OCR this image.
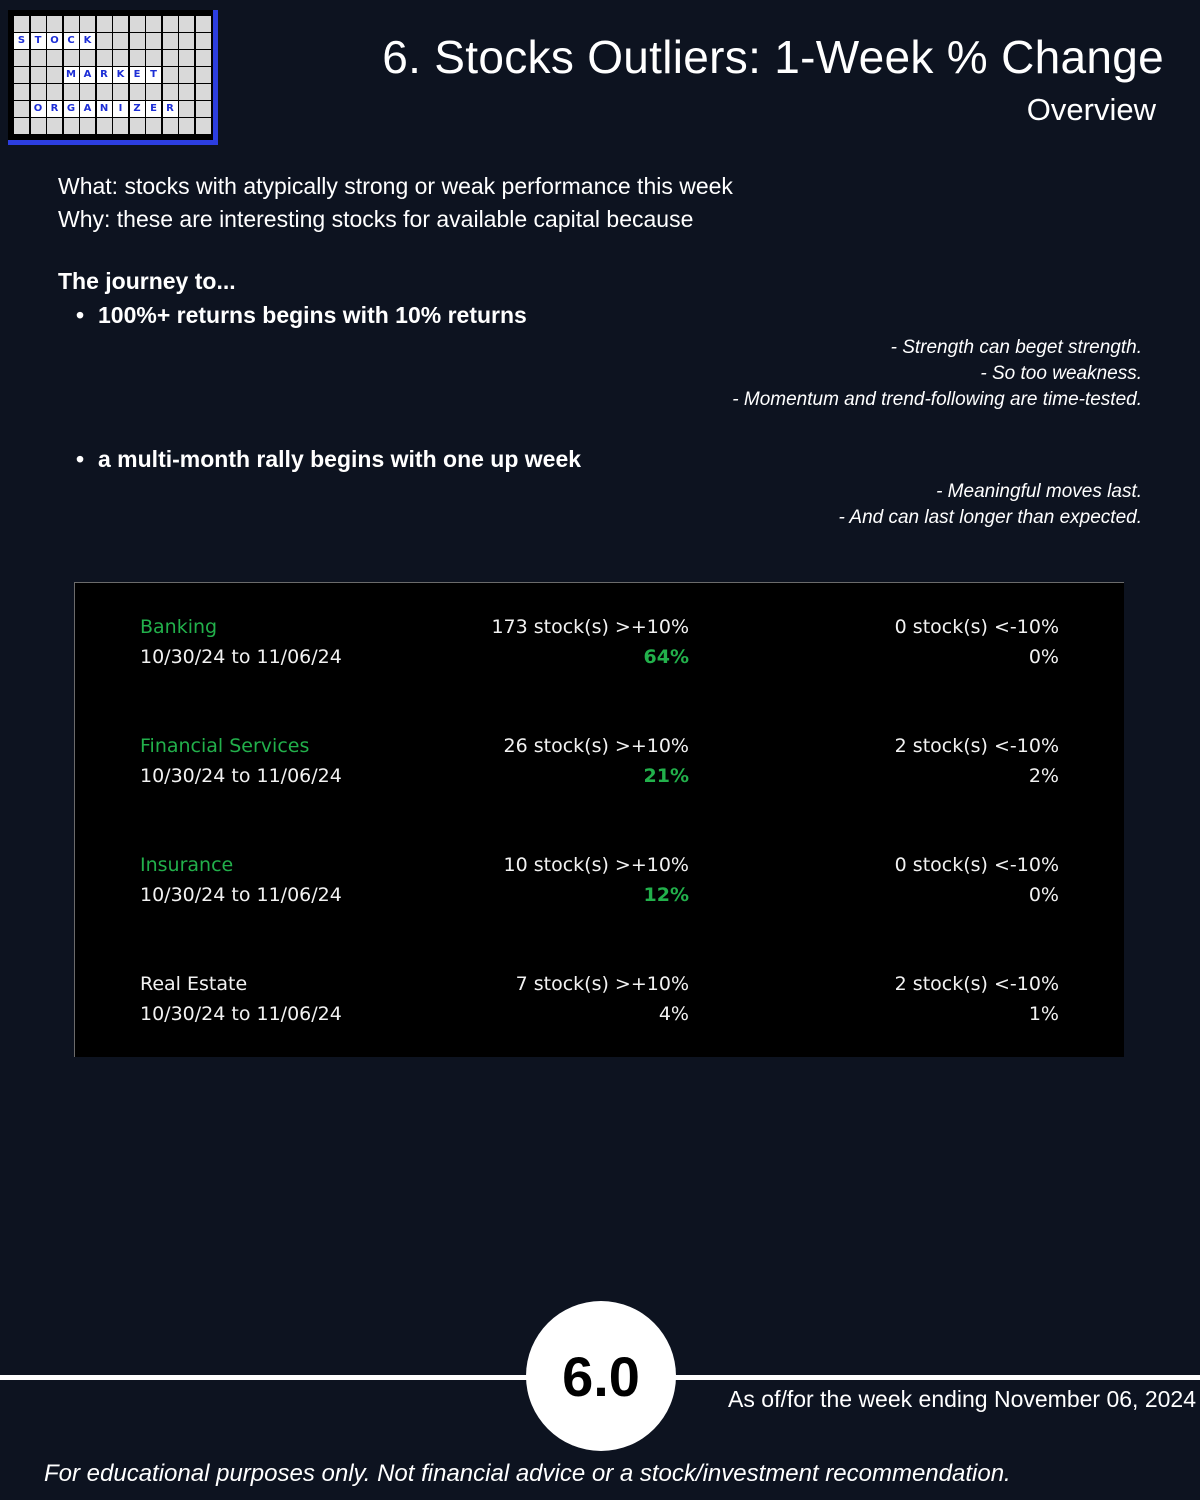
S T O C K
M A R K E T
O R G A N	I	Z E R
6. Stocks Outliers: 1-Week % Change
Overview
What: stocks with atypically strong or weak performance this week
Why: these are interesting stocks for available capital because
The journey to...
• 100%+ returns begins with 10% returns
- Strength can beget strength.
- So too weakness.
- Momentum and trend-following are time-tested.
• a multi-month rally begins with one up week
- Meaningful moves last.
- And can last longer than expected.
Banking
10/30/24 to 11/06/24
173 stock(s) >+10%
64%
0 stock(s) <-10%
0%
Financial Services
10/30/24 to 11/06/24
26 stock(s) >+10%
21%
2 stock(s) <-10%
2%
Insurance
10/30/24 to 11/06/24
10 stock(s) >+10%
12%
0 stock(s) <-10%
0%
Real Estate
10/30/24 to 11/06/24
7 stock(s) >+10%
4%
2 stock(s) <-10%
1%
6.0	As of/for the week ending November 06, 2024
For educational purposes only. Not financial advice or a stock/investment recommendation.
